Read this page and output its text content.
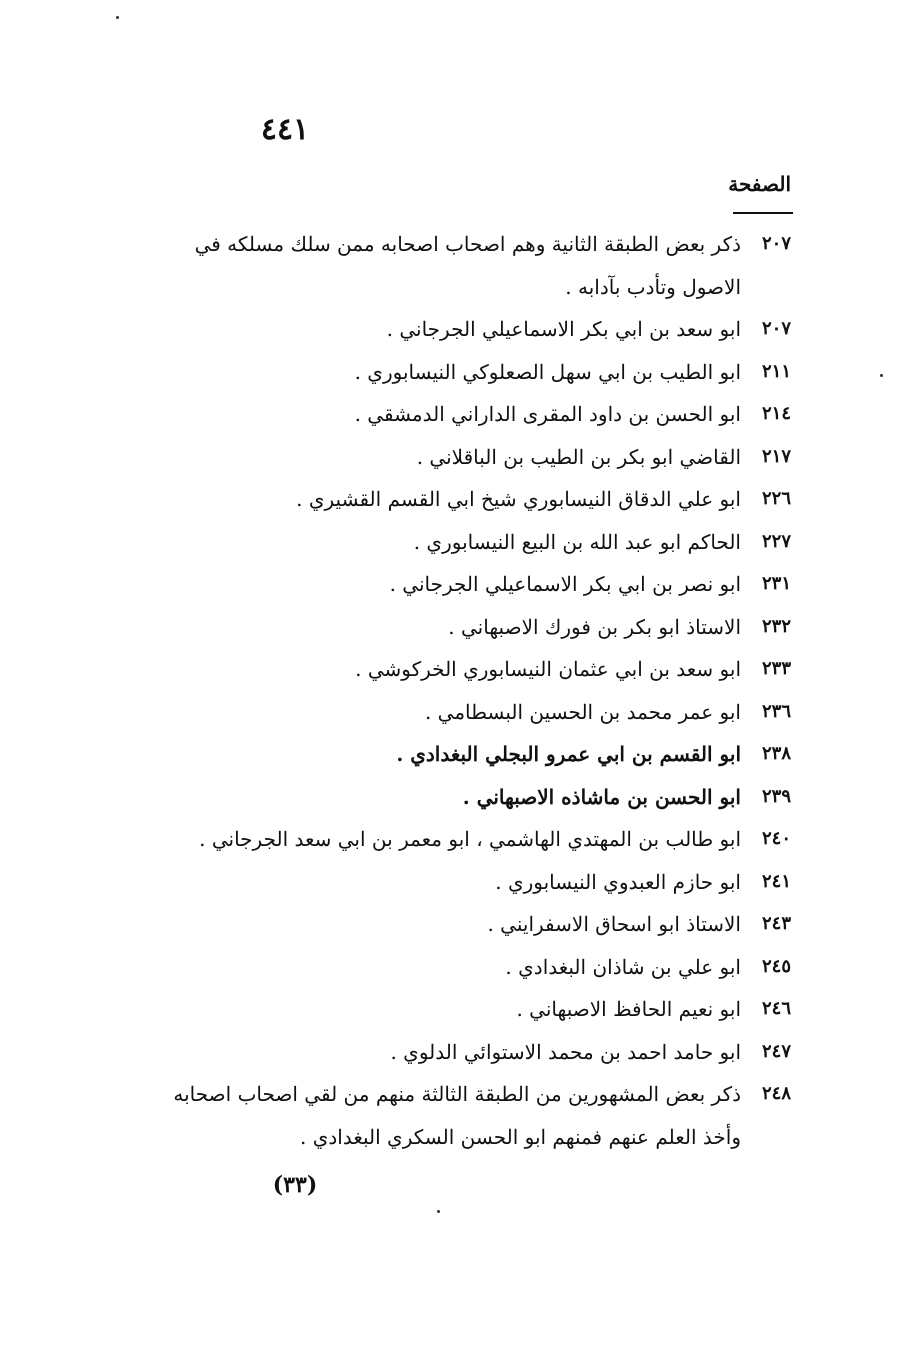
٤٤١
الصفحة
٢٠٧
ذكر بعض الطبقة الثانية وهم اصحاب اصحابه ممن سلك مسلكه في الاصول وتأدب بآدابه .
٢٠٧
ابو سعد بن ابي بكر الاسماعيلي الجرجاني .
٢١١
ابو الطيب بن ابي سهل الصعلوكي النيسابوري .
٢١٤
ابو الحسن بن داود المقرى الداراني الدمشقي .
٢١٧
القاضي ابو بكر بن الطيب بن الباقلاني .
٢٢٦
ابو علي الدقاق النيسابوري شيخ ابي القسم القشيري .
٢٢٧
الحاكم ابو عبد الله بن البيع النيسابوري .
٢٣١
ابو نصر بن ابي بكر الاسماعيلي الجرجاني .
٢٣٢
الاستاذ ابو بكر بن فورك الاصبهاني .
٢٣٣
ابو سعد بن ابي عثمان النيسابوري الخركوشي .
٢٣٦
ابو عمر محمد بن الحسين البسطامي .
٢٣٨
ابو القسم بن ابي عمرو البجلي البغدادي .
٢٣٩
ابو الحسن بن ماشاذه الاصبهاني .
٢٤٠
ابو طالب بن المهتدي الهاشمي ، ابو معمر بن ابي سعد الجرجاني .
٢٤١
ابو حازم العبدوي النيسابوري .
٢٤٣
الاستاذ ابو اسحاق الاسفرايني .
٢٤٥
ابو علي بن شاذان البغدادي .
٢٤٦
ابو نعيم الحافظ الاصبهاني .
٢٤٧
ابو حامد احمد بن محمد الاستوائي الدلوي .
٢٤٨
ذكر بعض المشهورين من الطبقة الثالثة منهم من لقي اصحاب اصحابه وأخذ العلم عنهم فمنهم ابو الحسن السكري البغدادي .
(٣٣)
